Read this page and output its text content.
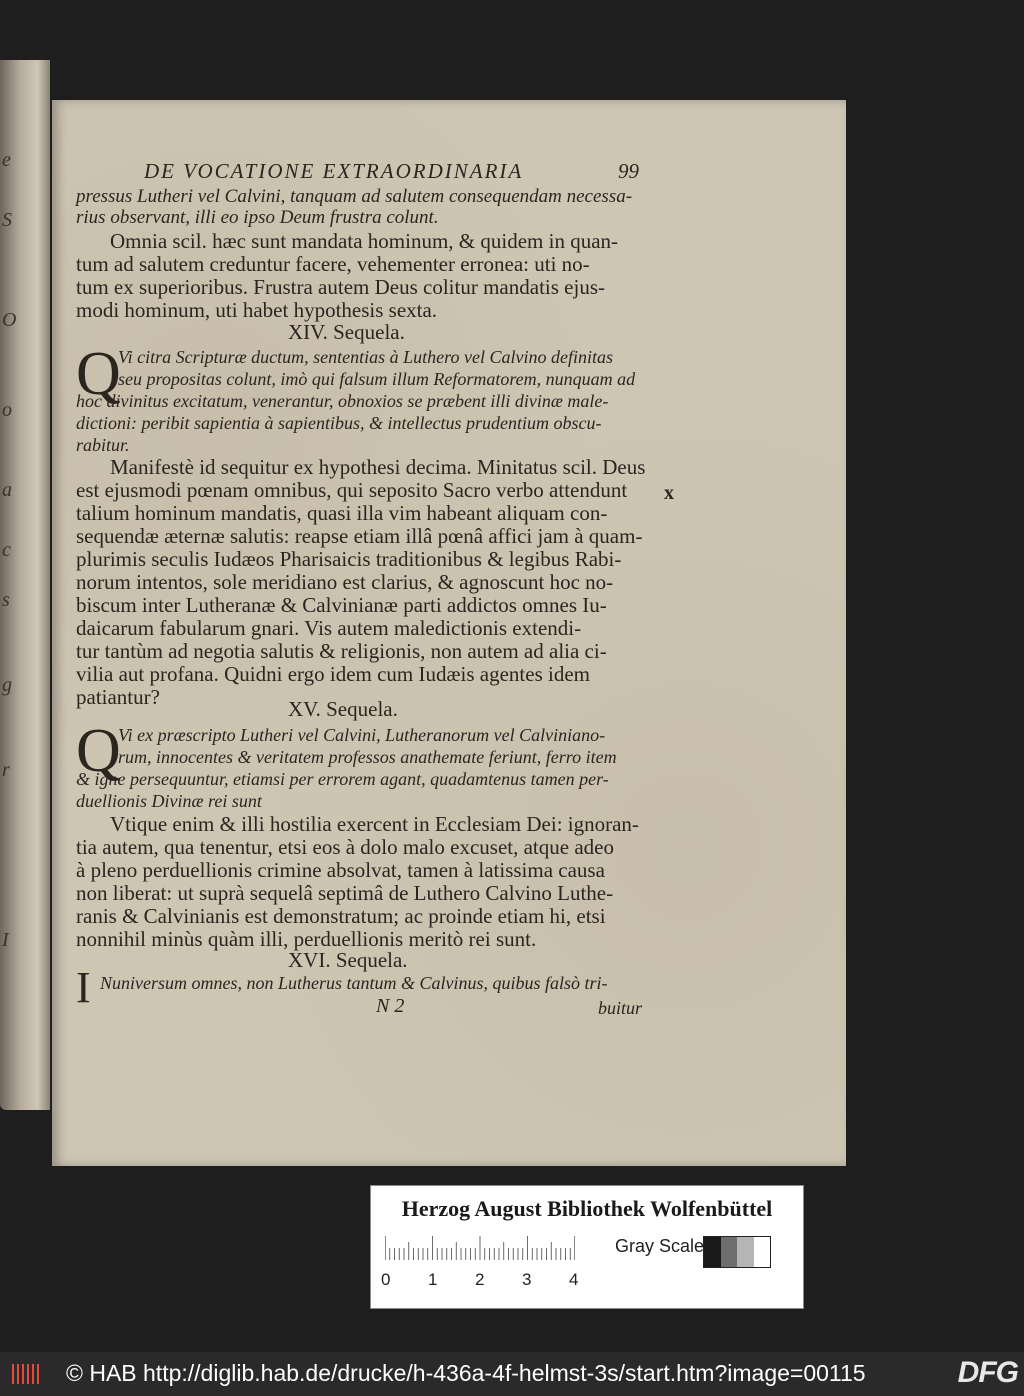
e
S
O
o
a
c
s
g
r
I
DE VOCATIONE EXTRAORDINARIA	99
pressus Lutheri vel Calvini, tanquam ad salutem consequendam necessa-
rius observant, illi eo ipso Deum frustra colunt.
Omnia scil. hæc sunt mandata hominum, & quidem in quan-
tum ad salutem creduntur facere, vehementer erronea: uti no-
tum ex superioribus. Frustra autem Deus colitur mandatis ejus-
modi hominum, uti habet hypothesis sexta.
XIV. Sequela.
Q
Vi citra Scripturæ ductum, sententias à Luthero vel Calvino definitas
seu propositas colunt, imò qui falsum illum Reformatorem, nunquam ad
hoc divinitus excitatum, venerantur, obnoxios se præbent illi divinæ male-
dictioni: peribit sapientia à sapientibus, & intellectus prudentium obscu-
rabitur.
Manifestè id sequitur ex hypothesi decima. Minitatus scil. Deus
est ejusmodi pœnam omnibus, qui seposito Sacro verbo attendunt
talium hominum mandatis, quasi illa vim habeant aliquam con-
sequendæ æternæ salutis: reapse etiam illâ pœnâ affici jam à quam-
plurimis seculis Iudæos Pharisaicis traditionibus & legibus Rabi-
norum intentos, sole meridiano est clarius, & agnoscunt hoc no-
biscum inter Lutheranæ & Calvinianæ parti addictos omnes Iu-
daicarum fabularum gnari. Vis autem maledictionis extendi-
tur tantùm ad negotia salutis & religionis, non autem ad alia ci-
vilia aut profana. Quidni ergo idem cum Iudæis agentes idem
patiantur?	XV. Sequela.
Q
Vi ex præscripto Lutheri vel Calvini, Lutheranorum vel Calviniano-
rum, innocentes & veritatem professos anathemate feriunt, ferro item
& igne persequuntur, etiamsi per errorem agant, quadamtenus tamen per-
duellionis Divinæ rei sunt
Vtique enim & illi hostilia exercent in Ecclesiam Dei: ignoran-
tia autem, qua tenentur, etsi eos à dolo malo excuset, atque adeo
à pleno perduellionis crimine absolvat, tamen à latissima causa
non liberat: ut suprà sequelâ septimâ de Luthero Calvino Luthe-
ranis & Calvinianis est demonstratum; ac proinde etiam hi, etsi
nonnihil minùs quàm illi, perduellionis meritò rei sunt.
XVI. Sequela.
I Nuniversum omnes, non Lutherus tantum & Calvinus, quibus falsò tri-
N 2	buitur
x
Herzog August Bibliothek Wolfenbüttel
0 1 2 3 4
Gray Scale
© HAB http://diglib.hab.de/drucke/h-436a-4f-helmst-3s/start.htm?image=00115	DFG
